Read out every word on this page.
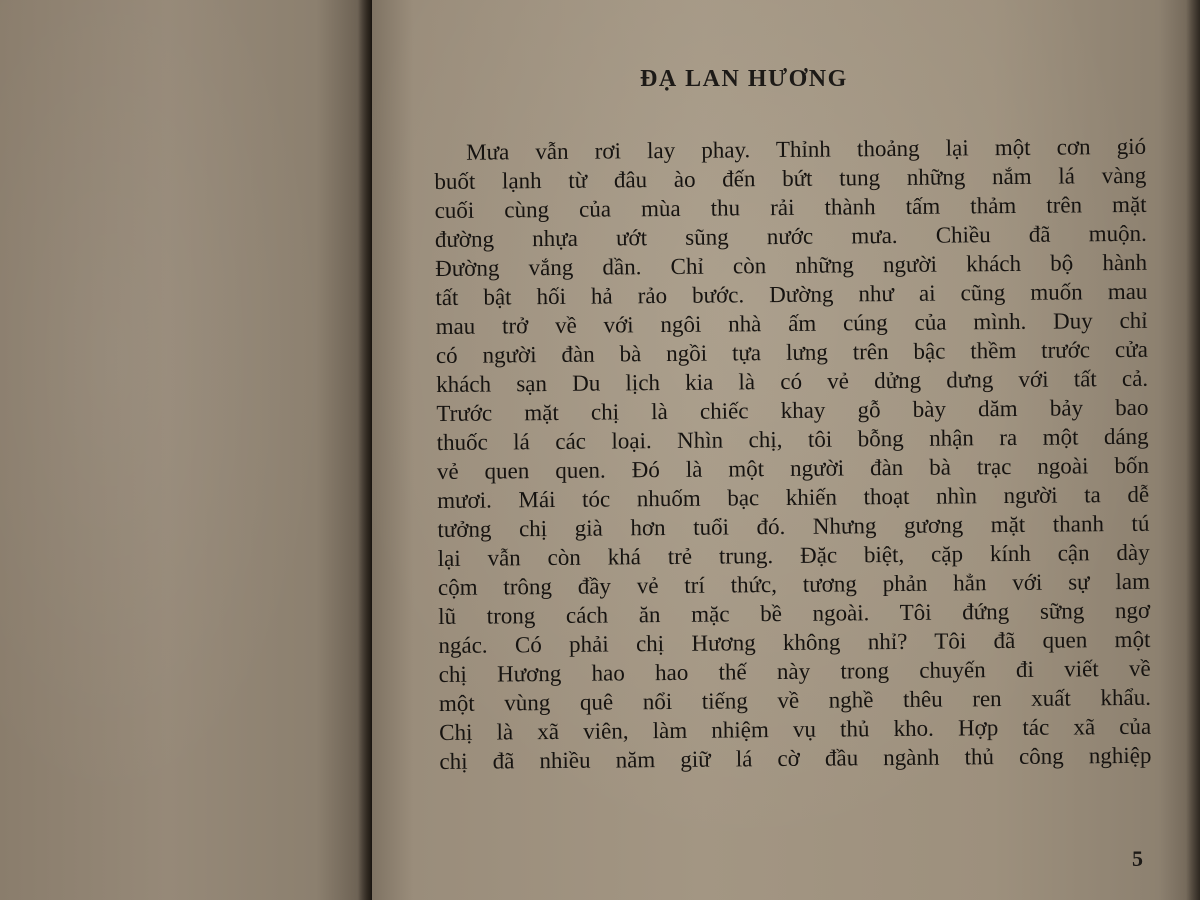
ĐẠ LAN HƯƠNG
Mưa vẫn rơi lay phay. Thỉnh thoảng lại một cơn gió
buốt lạnh từ đâu ào đến bứt tung những nắm lá vàng
cuối cùng của mùa thu rải thành tấm thảm trên mặt
đường nhựa ướt sũng nước mưa. Chiều đã muộn.
Đường vắng dần. Chỉ còn những người khách bộ hành
tất bật hối hả rảo bước. Dường như ai cũng muốn mau
mau trở về với ngôi nhà ấm cúng của mình. Duy chỉ
có người đàn bà ngồi tựa lưng trên bậc thềm trước cửa
khách sạn Du lịch kia là có vẻ dửng dưng với tất cả.
Trước mặt chị là chiếc khay gỗ bày dăm bảy bao
thuốc lá các loại. Nhìn chị, tôi bỗng nhận ra một dáng
vẻ quen quen. Đó là một người đàn bà trạc ngoài bốn
mươi. Mái tóc nhuốm bạc khiến thoạt nhìn người ta dễ
tưởng chị già hơn tuổi đó. Nhưng gương mặt thanh tú
lại vẫn còn khá trẻ trung. Đặc biệt, cặp kính cận dày
cộm trông đầy vẻ trí thức, tương phản hẳn với sự lam
lũ trong cách ăn mặc bề ngoài. Tôi đứng sững ngơ
ngác. Có phải chị Hương không nhỉ? Tôi đã quen một
chị Hương hao hao thế này trong chuyến đi viết về
một vùng quê nổi tiếng về nghề thêu ren xuất khẩu.
Chị là xã viên, làm nhiệm vụ thủ kho. Hợp tác xã của
chị đã nhiều năm giữ lá cờ đầu ngành thủ công nghiệp
5
